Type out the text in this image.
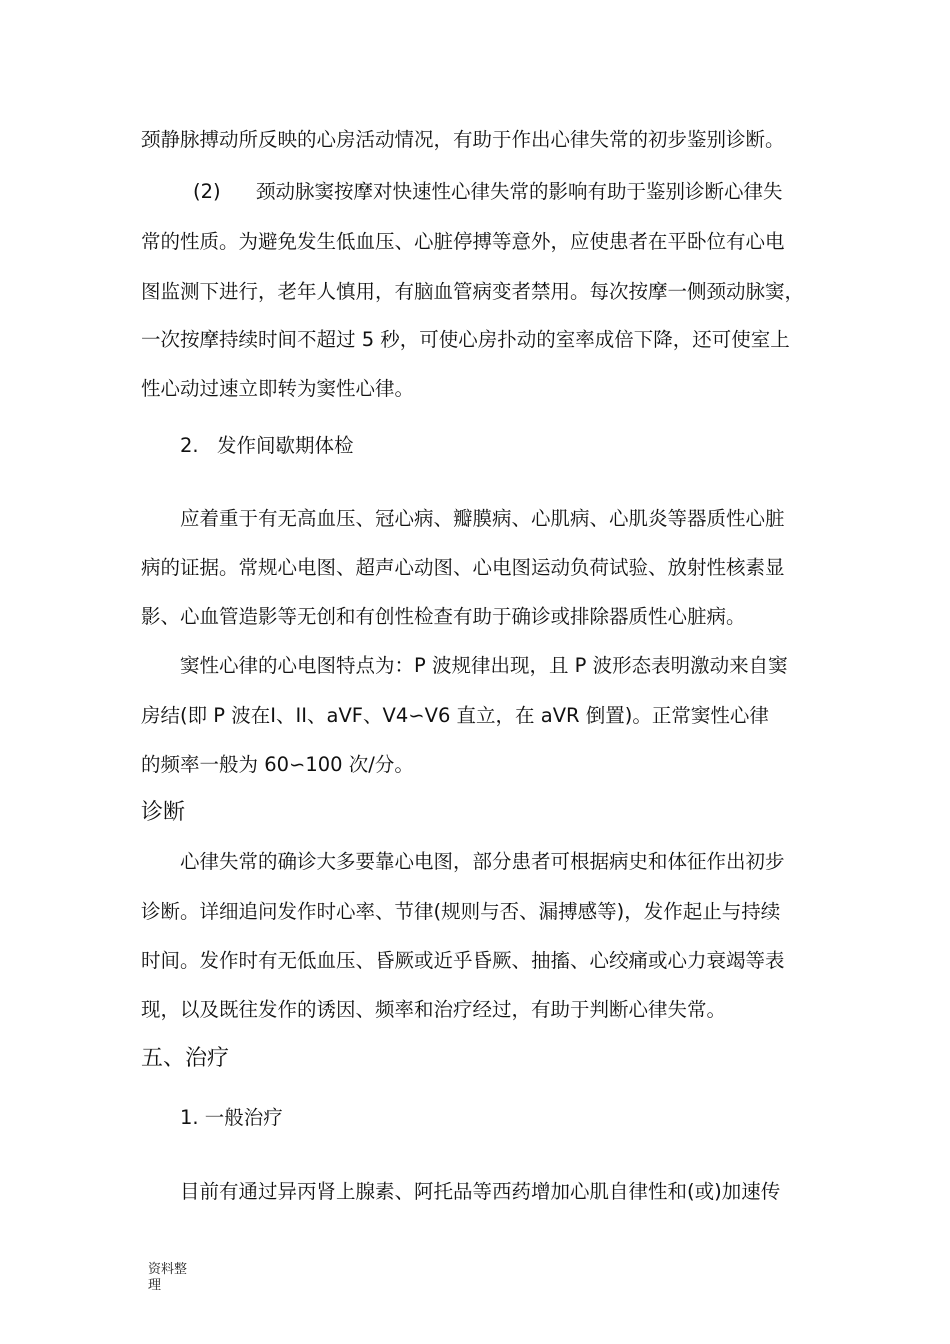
颈静脉搏动所反映的心房活动情况，有助于作出心律失常的初步鉴别诊断。
(2) 颈动脉窦按摩对快速性心律失常的影响有助于鉴别诊断心律失
常的性质。为避免发生低血压、心脏停搏等意外，应使患者在平卧位有心电
图监测下进行，老年人慎用，有脑血管病变者禁用。每次按摩一侧颈动脉窦，
一次按摩持续时间不超过 5 秒，可使心房扑动的室率成倍下降，还可使室上
性心动过速立即转为窦性心律。
2. 发作间歇期体检
应着重于有无高血压、冠心病、瓣膜病、心肌病、心肌炎等器质性心脏
病的证据。常规心电图、超声心动图、心电图运动负荷试验、放射性核素显
影、心血管造影等无创和有创性检查有助于确诊或排除器质性心脏病。
窦性心律的心电图特点为：P 波规律出现，且 P 波形态表明激动来自窦
房结(即 P 波在Ⅰ、II、aVF、V4∽V6 直立，在 aVR 倒置)。正常窦性心律
的频率一般为 60∽100 次/分。
诊断
心律失常的确诊大多要靠心电图，部分患者可根据病史和体征作出初步
诊断。详细追问发作时心率、节律(规则与否、漏搏感等)，发作起止与持续
时间。发作时有无低血压、昏厥或近乎昏厥、抽搐、心绞痛或心力衰竭等表
现，以及既往发作的诱因、频率和治疗经过，有助于判断心律失常。
五、治疗
1. 一般治疗
目前有通过异丙肾上腺素、阿托品等西药增加心肌自律性和(或)加速传
资料整
理
